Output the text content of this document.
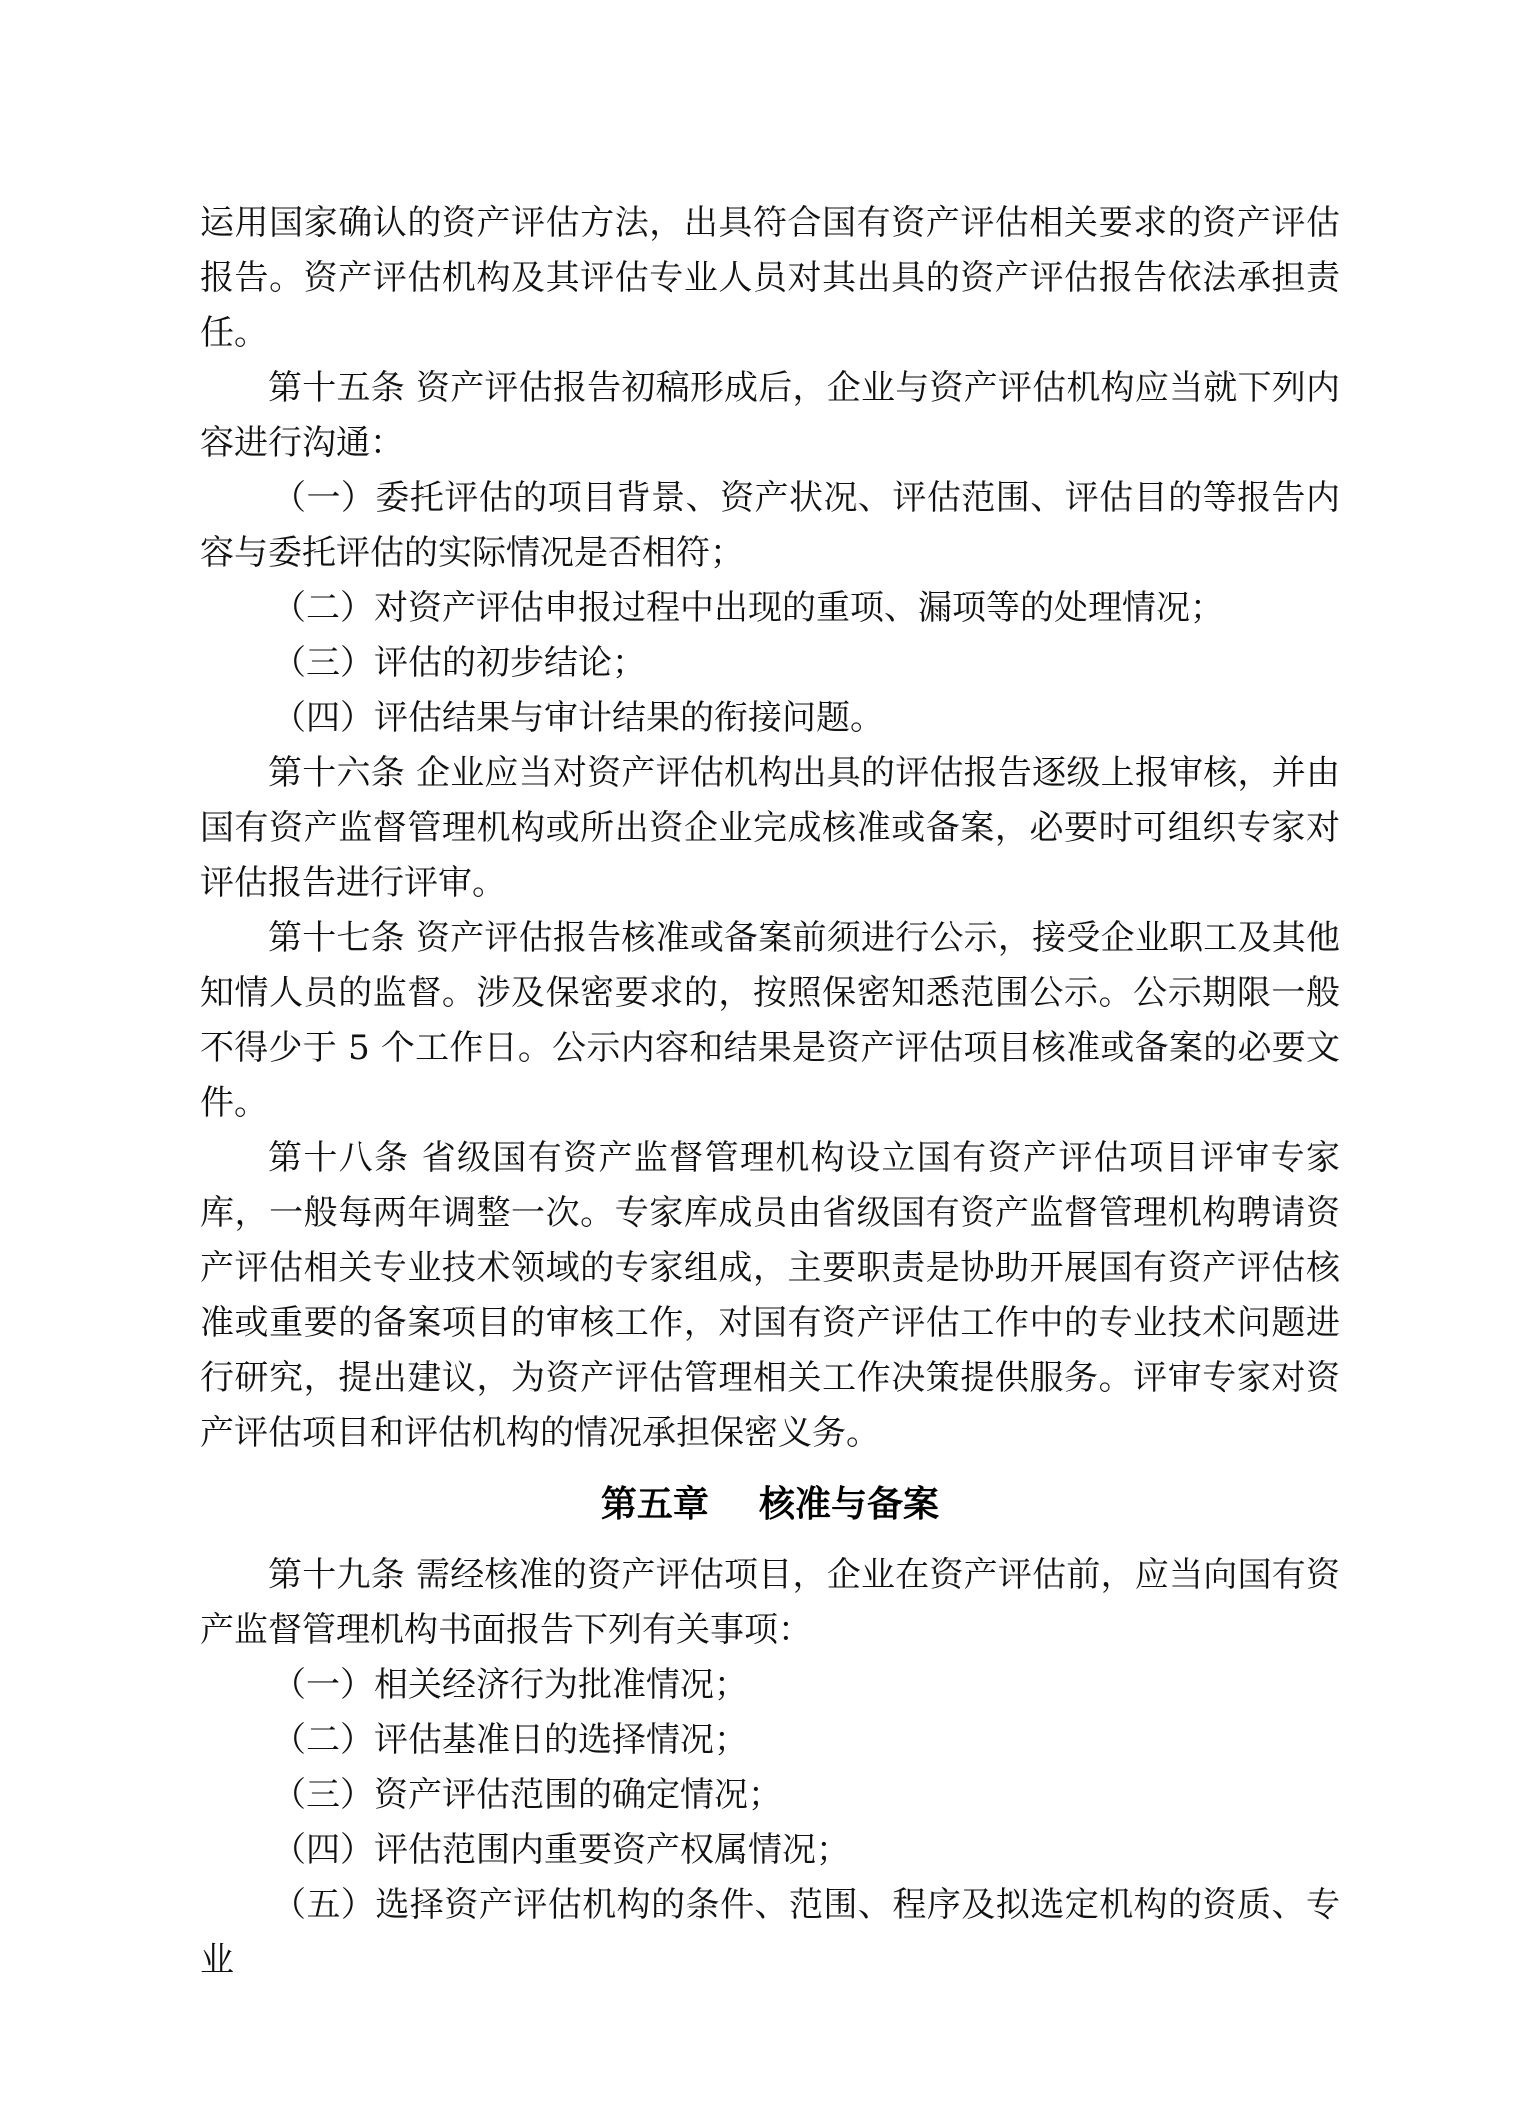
运用国家确认的资产评估方法，出具符合国有资产评估相关要求的资产评估报告。资产评估机构及其评估专业人员对其出具的资产评估报告依法承担责任。

第十五条 资产评估报告初稿形成后，企业与资产评估机构应当就下列内容进行沟通：

（一）委托评估的项目背景、资产状况、评估范围、评估目的等报告内容与委托评估的实际情况是否相符；

（二）对资产评估申报过程中出现的重项、漏项等的处理情况；

（三）评估的初步结论；

（四）评估结果与审计结果的衔接问题。

第十六条 企业应当对资产评估机构出具的评估报告逐级上报审核，并由国有资产监督管理机构或所出资企业完成核准或备案，必要时可组织专家对评估报告进行评审。

第十七条 资产评估报告核准或备案前须进行公示，接受企业职工及其他知情人员的监督。涉及保密要求的，按照保密知悉范围公示。公示期限一般不得少于 5 个工作日。公示内容和结果是资产评估项目核准或备案的必要文件。

第十八条 省级国有资产监督管理机构设立国有资产评估项目评审专家库，一般每两年调整一次。专家库成员由省级国有资产监督管理机构聘请资产评估相关专业技术领域的专家组成，主要职责是协助开展国有资产评估核准或重要的备案项目的审核工作，对国有资产评估工作中的专业技术问题进行研究，提出建议，为资产评估管理相关工作决策提供服务。评审专家对资产评估项目和评估机构的情况承担保密义务。

第五章    核准与备案

第十九条 需经核准的资产评估项目，企业在资产评估前，应当向国有资产监督管理机构书面报告下列有关事项：

（一）相关经济行为批准情况；

（二）评估基准日的选择情况；

（三）资产评估范围的确定情况；

（四）评估范围内重要资产权属情况；

（五）选择资产评估机构的条件、范围、程序及拟选定机构的资质、专业
